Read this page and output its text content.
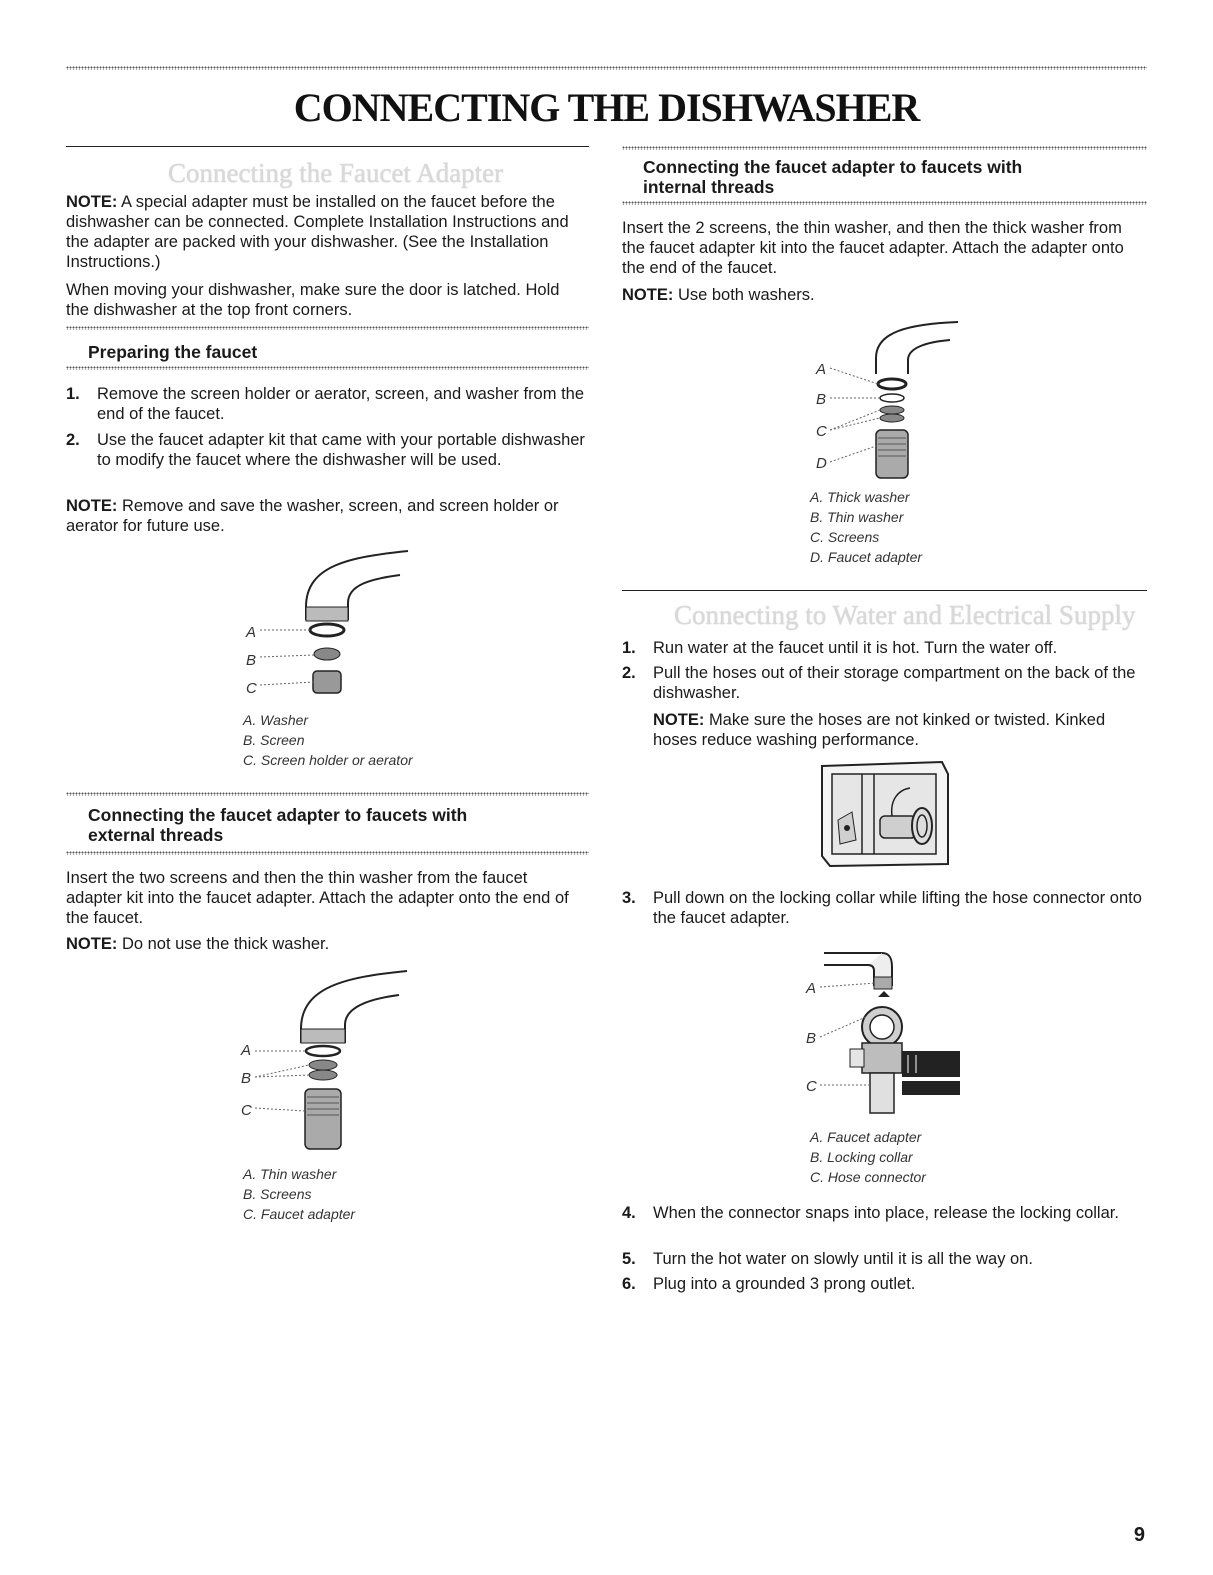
CONNECTING THE DISHWASHER
Connecting the Faucet Adapter
NOTE: A special adapter must be installed on the faucet before the dishwasher can be connected. Complete Installation Instructions and the adapter are packed with your dishwasher. (See the Installation Instructions.)
When moving your dishwasher, make sure the door is latched. Hold the dishwasher at the top front corners.
Preparing the faucet
1. Remove the screen holder or aerator, screen, and washer from the end of the faucet.
2. Use the faucet adapter kit that came with your portable dishwasher to modify the faucet where the dishwasher will be used.
NOTE: Remove and save the washer, screen, and screen holder or aerator for future use.
A
B
C
A. Washer
B. Screen
C. Screen holder or aerator
Connecting the faucet adapter to faucets with
external threads
Insert the two screens and then the thin washer from the faucet adapter kit into the faucet adapter. Attach the adapter onto the end of the faucet.
NOTE: Do not use the thick washer.
A
B
C
A. Thin washer
B. Screens
C. Faucet adapter
Connecting the faucet adapter to faucets with
internal threads
Insert the 2 screens, the thin washer, and then the thick washer from the faucet adapter kit into the faucet adapter. Attach the adapter onto the end of the faucet.
NOTE: Use both washers.
A
B
C
D
A. Thick washer
B. Thin washer
C. Screens
D. Faucet adapter
Connecting to Water and Electrical Supply
1. Run water at the faucet until it is hot. Turn the water off.
2. Pull the hoses out of their storage compartment on the back of the dishwasher.
NOTE: Make sure the hoses are not kinked or twisted. Kinked hoses reduce washing performance.
3. Pull down on the locking collar while lifting the hose connector onto the faucet adapter.
A
B
C
A. Faucet adapter
B. Locking collar
C. Hose connector
4. When the connector snaps into place, release the locking collar.
5. Turn the hot water on slowly until it is all the way on.
6. Plug into a grounded 3 prong outlet.
9
